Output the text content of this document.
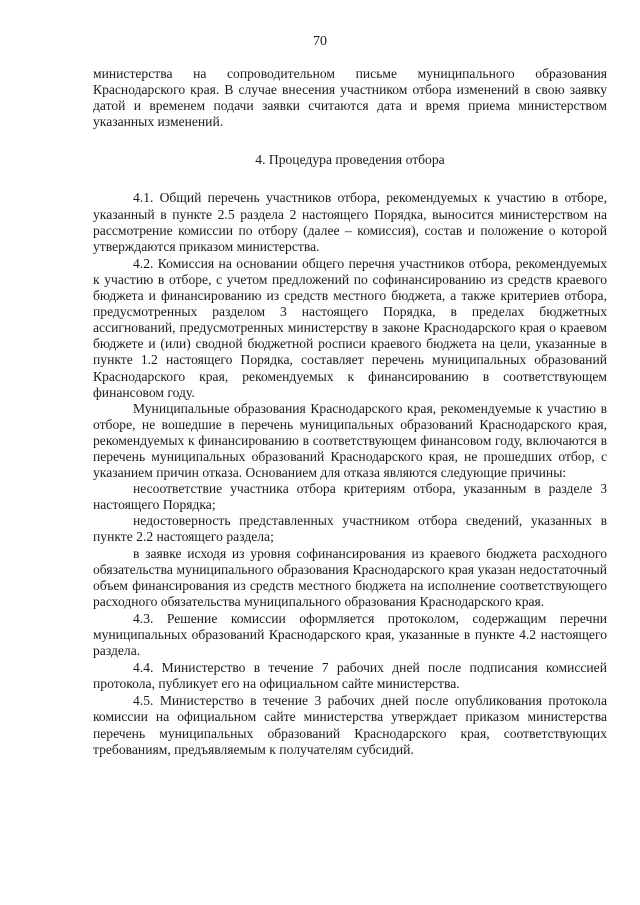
70

министерства на сопроводительном письме муниципального образования Краснодарского края. В случае внесения участником отбора изменений в свою заявку датой и временем подачи заявки считаются дата и время приема министерством указанных изменений.

4. Процедура проведения отбора

4.1. Общий перечень участников отбора, рекомендуемых к участию в отборе, указанный в пункте 2.5 раздела 2 настоящего Порядка, выносится министерством на рассмотрение комиссии по отбору (далее – комиссия), состав и положение о которой утверждаются приказом министерства.

4.2. Комиссия на основании общего перечня участников отбора, рекомендуемых к участию в отборе, с учетом предложений по софинансированию из средств краевого бюджета и финансированию из средств местного бюджета, а также критериев отбора, предусмотренных разделом 3 настоящего Порядка, в пределах бюджетных ассигнований, предусмотренных министерству в законе Краснодарского края о краевом бюджете и (или) сводной бюджетной росписи краевого бюджета на цели, указанные в пункте 1.2 настоящего Порядка, составляет перечень муниципальных образований Краснодарского края, рекомендуемых к финансированию в соответствующем финансовом году.

Муниципальные образования Краснодарского края, рекомендуемые к участию в отборе, не вошедшие в перечень муниципальных образований Краснодарского края, рекомендуемых к финансированию в соответствующем финансовом году, включаются в перечень муниципальных образований Краснодарского края, не прошедших отбор, с указанием причин отказа. Основанием для отказа являются следующие причины:

несоответствие участника отбора критериям отбора, указанным в разделе 3 настоящего Порядка;

недостоверность представленных участником отбора сведений, указанных в пункте 2.2 настоящего раздела;

в заявке исходя из уровня софинансирования из краевого бюджета расходного обязательства муниципального образования Краснодарского края указан недостаточный объем финансирования из средств местного бюджета на исполнение соответствующего расходного обязательства муниципального образования Краснодарского края.

4.3. Решение комиссии оформляется протоколом, содержащим перечни муниципальных образований Краснодарского края, указанные в пункте 4.2 настоящего раздела.

4.4. Министерство в течение 7 рабочих дней после подписания комиссией протокола, публикует его на официальном сайте министерства.

4.5. Министерство в течение 3 рабочих дней после опубликования протокола комиссии на официальном сайте министерства утверждает приказом министерства перечень муниципальных образований Краснодарского края, соответствующих требованиям, предъявляемым к получателям субсидий.
